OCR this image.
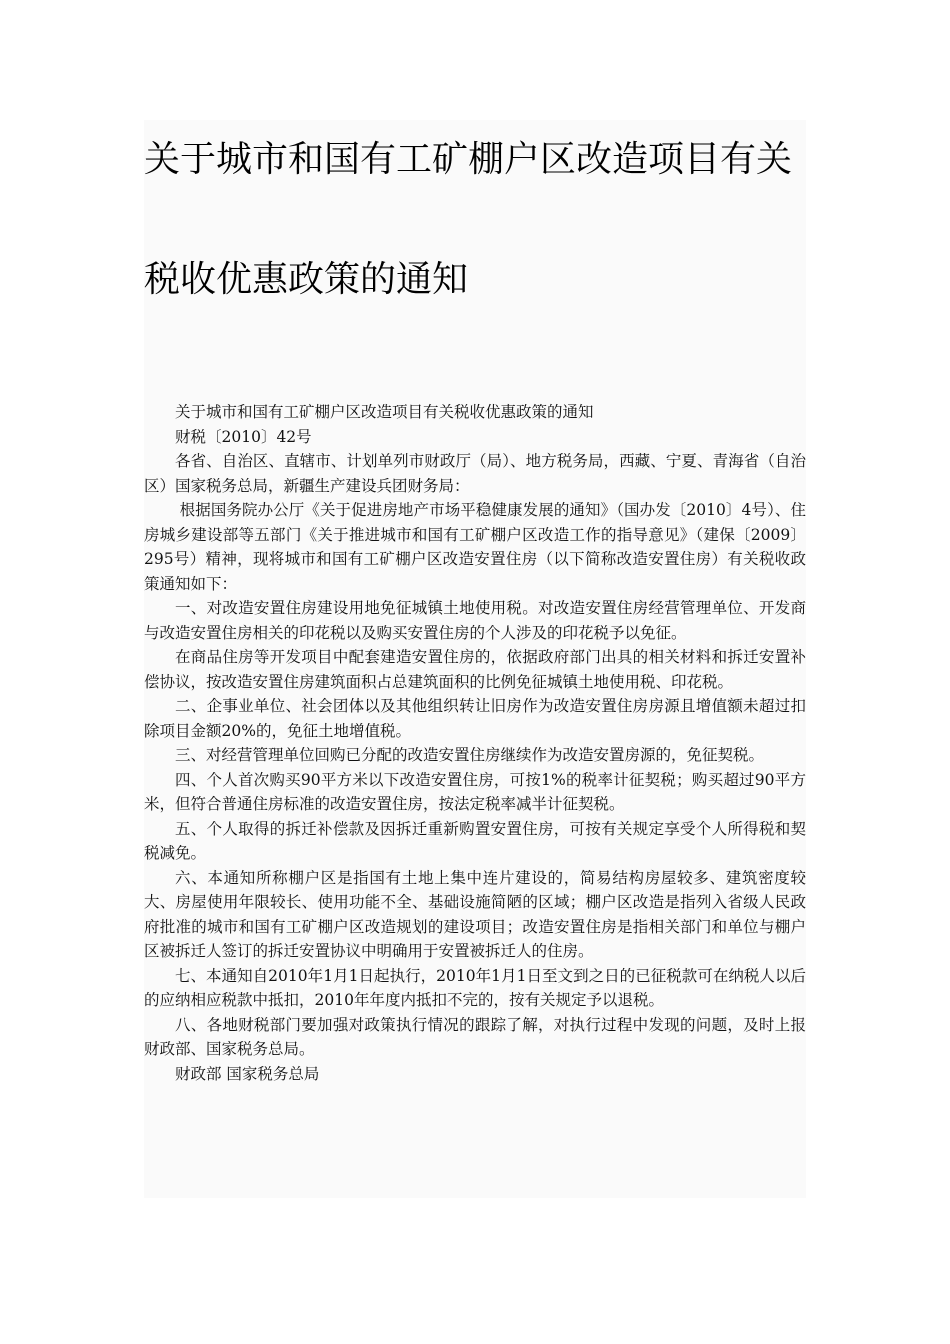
关于城市和国有工矿棚户区改造项目有关
税收优惠政策的通知

关于城市和国有工矿棚户区改造项目有关税收优惠政策的通知

财税〔2010〕42号

各省、自治区、直辖市、计划单列市财政厅（局）、地方税务局，西藏、宁夏、青海省（自治区）国家税务总局，新疆生产建设兵团财务局：

根据国务院办公厅《关于促进房地产市场平稳健康发展的通知》（国办发〔2010〕4号）、住房城乡建设部等五部门《关于推进城市和国有工矿棚户区改造工作的指导意见》（建保〔2009〕295号）精神，现将城市和国有工矿棚户区改造安置住房（以下简称改造安置住房）有关税收政策通知如下：

一、对改造安置住房建设用地免征城镇土地使用税。对改造安置住房经营管理单位、开发商与改造安置住房相关的印花税以及购买安置住房的个人涉及的印花税予以免征。

在商品住房等开发项目中配套建造安置住房的，依据政府部门出具的相关材料和拆迁安置补偿协议，按改造安置住房建筑面积占总建筑面积的比例免征城镇土地使用税、印花税。

二、企事业单位、社会团体以及其他组织转让旧房作为改造安置住房房源且增值额未超过扣除项目金额20%的，免征土地增值税。

三、对经营管理单位回购已分配的改造安置住房继续作为改造安置房源的，免征契税。

四、个人首次购买90平方米以下改造安置住房，可按1%的税率计征契税；购买超过90平方米，但符合普通住房标准的改造安置住房，按法定税率减半计征契税。

五、个人取得的拆迁补偿款及因拆迁重新购置安置住房，可按有关规定享受个人所得税和契税减免。

六、本通知所称棚户区是指国有土地上集中连片建设的，简易结构房屋较多、建筑密度较大、房屋使用年限较长、使用功能不全、基础设施简陋的区域；棚户区改造是指列入省级人民政府批准的城市和国有工矿棚户区改造规划的建设项目；改造安置住房是指相关部门和单位与棚户区被拆迁人签订的拆迁安置协议中明确用于安置被拆迁人的住房。

七、本通知自2010年1月1日起执行，2010年1月1日至文到之日的已征税款可在纳税人以后的应纳相应税款中抵扣，2010年年度内抵扣不完的，按有关规定予以退税。

八、各地财税部门要加强对政策执行情况的跟踪了解，对执行过程中发现的问题，及时上报财政部、国家税务总局。

财政部 国家税务总局
